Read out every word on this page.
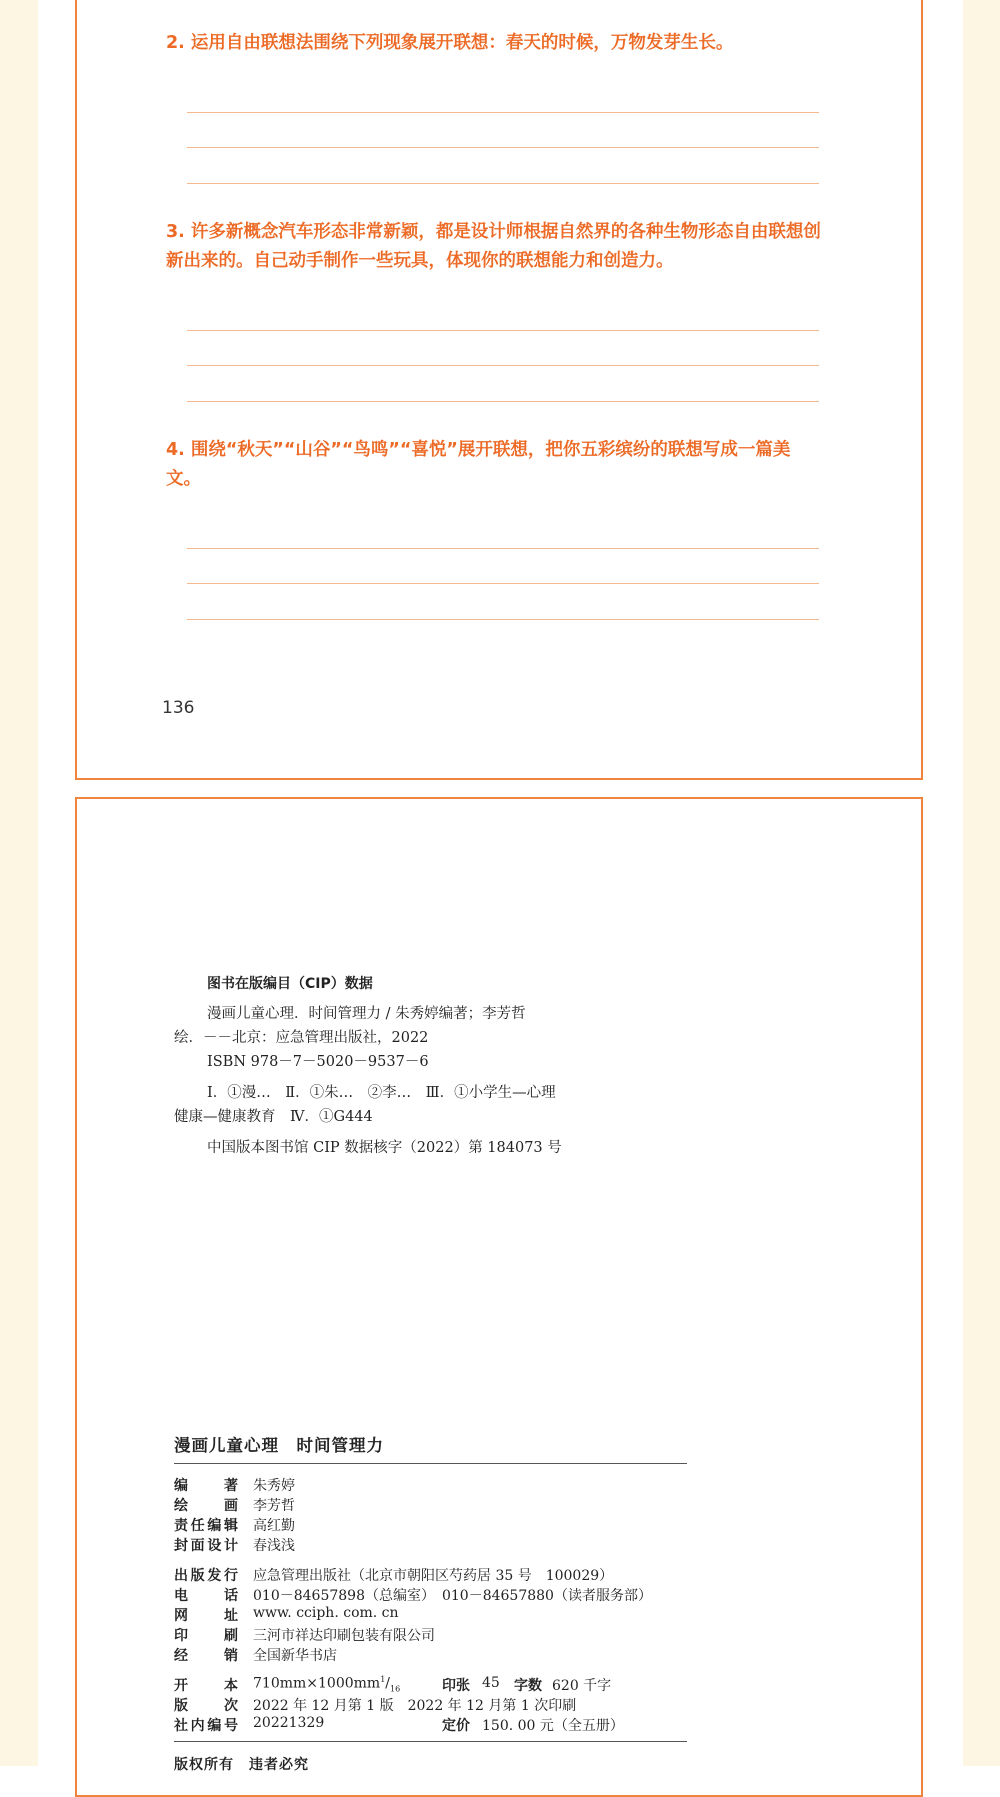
2. 运用自由联想法围绕下列现象展开联想：春天的时候，万物发芽生长。
3. 许多新概念汽车形态非常新颖，都是设计师根据自然界的各种生物形态自由联想创新出来的。自己动手制作一些玩具，体现你的联想能力和创造力。
4. 围绕“秋天”“山谷”“鸟鸣”“喜悦”展开联想，把你五彩缤纷的联想写成一篇美文。
136
图书在版编目（CIP）数据
漫画儿童心理．时间管理力 / 朱秀婷编著；李芳哲
绘．－－北京：应急管理出版社，2022
ISBN 978－7－5020－9537－6
Ⅰ．①漫…　Ⅱ．①朱…　②李…　Ⅲ．①小学生—心理
健康—健康教育　Ⅳ．①G444
中国版本图书馆 CIP 数据核字（2022）第 184073 号
漫画儿童心理　时间管理力
编著 朱秀婷
绘画 李芳哲
责任编辑 高红勤
封面设计 春浅浅
出版发行 应急管理出版社（北京市朝阳区芍药居 35 号　100029）
电话 010－84657898（总编室）　010－84657880（读者服务部）
网址 www. cciph. com. cn
印刷 三河市祥达印刷包装有限公司
经销 全国新华书店
开本 $710mm\times 1000mm^1/_{16}$	印张 45 字数 620 千字
版次 2022 年 12 月第 1 版　2022 年 12 月第 1 次印刷
社内编号 20221329	定价 150. 00 元（全五册）
版权所有　违者必究
